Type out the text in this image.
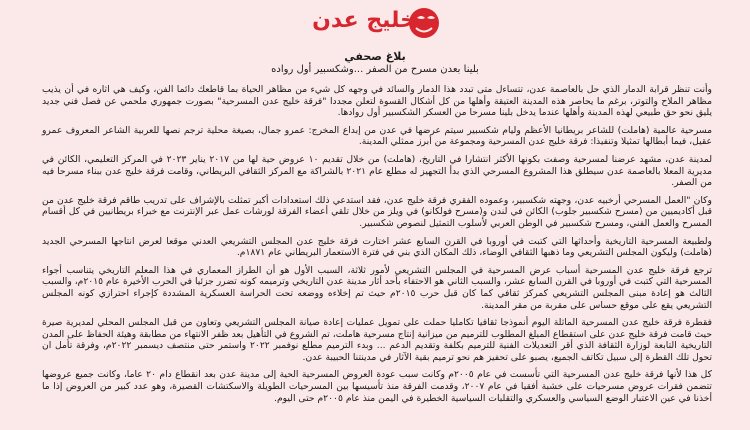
خليج عدن
بلاغ صحفي
بلينا بعدن مسرح من الصفر ...وشكسبير أول رواده

وأنت تنظر قرابة الدمار الذي حل بالعاصمة عدن، تتساءل متى تبدد هذا الدمار والسائد في وجهه كل شيء من مظاهر الحياة بما قاطعك دائما الفن، وكيف هي اثاره في أن يذيب مظاهر الملاح والتوتر، برغم ما يحاصر هذه المدينة العتيقة وأهلها من كل أشكال القسوة لتعلن مجددا "فرقة خليج عدن المسرحية" بصورت جمهوري ملحمي عن فصل فني جديد يليق نحو حق طبيعي لهذه المدينة وأهلها عندما يدخل بلينا مسرحا من العسكر الشكسبير أول روادها.

مسرحية عالمية (هاملت) للشاعر بريطانيا الأعظم وليام شكسبير سيتم عرضها في عدن من إبداع المخرج: عمرو جمال، بصيغة محلية ترجم نصها للعربية الشاعر المعروف عمرو عقيل، فيما أبطالها تمثيلا وتنفيذا: فرقة خليج عدن المسرحية ومجموعة من أبرز ممثلي المدينة.

لمدينة عدن، مشهد عرضنا لمسرحية وصفت بكونها الأكثر انتشارا في التاريخ، (هاملت) من خلال تقديم ١٠ عروض حية لها من ٢٠١٧ يناير ٢٠٢٣ في المركز التعليمي، الكائن في مديرية المعلا بالعاصمة عدن سيطلق هذا المشروع المسرحي الذي بدأ التجهيز له مطلع عام ٢٠٢١ بالشراكة مع المركز الثقافي البريطاني، وقامت فرقة خليج عدن ببناء مسرحا فيه من الصفر.

وكان "العمل المسرحي أرخبيه عدن، وجهته شكسبير، وعموده الفقري فرقة خليج عدن، فقد استدعي ذلك استعدادات أكبر تمثلت بالإشراف على تدريب طاقم فرقة خليج عدن من قبل أكاديميين من (مسرح شكسبير جلوب) الكائن في لندن و(مسرح فولكانو) في ويلز من خلال تلقي أعضاء الفرقة لورشات عمل عبر الإنترنت مع خبراء بريطانيين في كل أقسام المسرح والعمل الفني، ومسرح شكسبير في الوطن العربي لأسلوب التمثيل لنصوص شكسبير.

ولطبيعة المسرحية التاريخية وأحداثها التي كتبت في أوروبا في القرن السابع عشر اختارت فرقة خليج عدن المجلس التشريعي العدني موقعا لعرض انتاجها المسرحي الجديد (هاملت) وليكون المجلس التشريعي وما ذهبها الثقافي الوضاء، ذلك المكان الذي بني في فترة الاستعمار البريطاني عام ١٨٧١م.

ترجع فرقة خليج عدن المسرحية أسباب عرض المسرحية في المجلس التشريعي لأمور ثلاثة، السبب الأول هو أن الطراز المعماري في هذا المعلم التاريخي يتناسب أجواء المسرحية التي كتبت في أوروبا في القرن السابع عشر، والسبب الثاني هو الاحتفاء بأحد أثار مدينة عدن التاريخي وترميمه كونه تضرر جزئيا في الحرب الأخيرة عام ٢٠١٥م، والسبب الثالث هو إعادة مبنى المجلس التشريعي كمركز ثقافي كما كان قبل حرب ٢٠١٥م حيث تم إخلاءه ووضعه تحت الحراسة العسكرية المشددة كإجراء احترازي كونه المجلس التشريعي يقع على موقع حساس على مقربة من مقر المدينة.

فقطرة فرقة خليج عدن المسرحية الماثلة اليوم أنموذجا ثقافيا تكامليا حملت على تمويل عمليات إعادة صيانة المجلس التشريعي وتعاون من قبل المجلس المحلي لمديرية صيرة حيث قامت فرقة خليج عدن على استقطاع المبلغ المطلوب للترميم من ميزانية إنتاج مسرحية هاملت، تم الشروع في التأهيل بعد ظفر الانتهاء من مطابقة وهيئة الحفاظ على المدن التاريخية التابعة لوزارة الثقافة الذي أقر التعديلات الفنية للترميم بكلفة وتقديم الدعم ... وبدء الترميم مطلع نوفمبر ٢٠٢٢ واستمر حتى منتصف ديسمبر ٢٠٢٢م، وفرقة تأمل ان تحول تلك القطرة إلى سبيل تكاتف الجميع، يصبو على تحفيز هم نحو ترميم بقية الآثار في مدينتنا الحبيبة عدن.

كل هذا لأنها فرقة خليج عدن المسرحية التي تأسست في عام ٢٠٠٥م وكانت سبب عودة العروض المسرحية الحية إلى مدينة عدن بعد انقطاع دام ٢٠ عاما، وكانت جميع عروضها تتضمن فقرات عروض مسرحيات على خشبة أفقيا في عام ٢٠٠٧، وقدمت الفرقة منذ تأسيسها بين المسرحيات الطويلة والاسكتشات القصيرة، وهو عدد كبير من العروض إذا ما أخذنا في عين الاعتبار الوضع السياسي والعسكري والتقلبات السياسية الخطيرة في اليمن منذ عام ٢٠٠٥م حتى اليوم.
